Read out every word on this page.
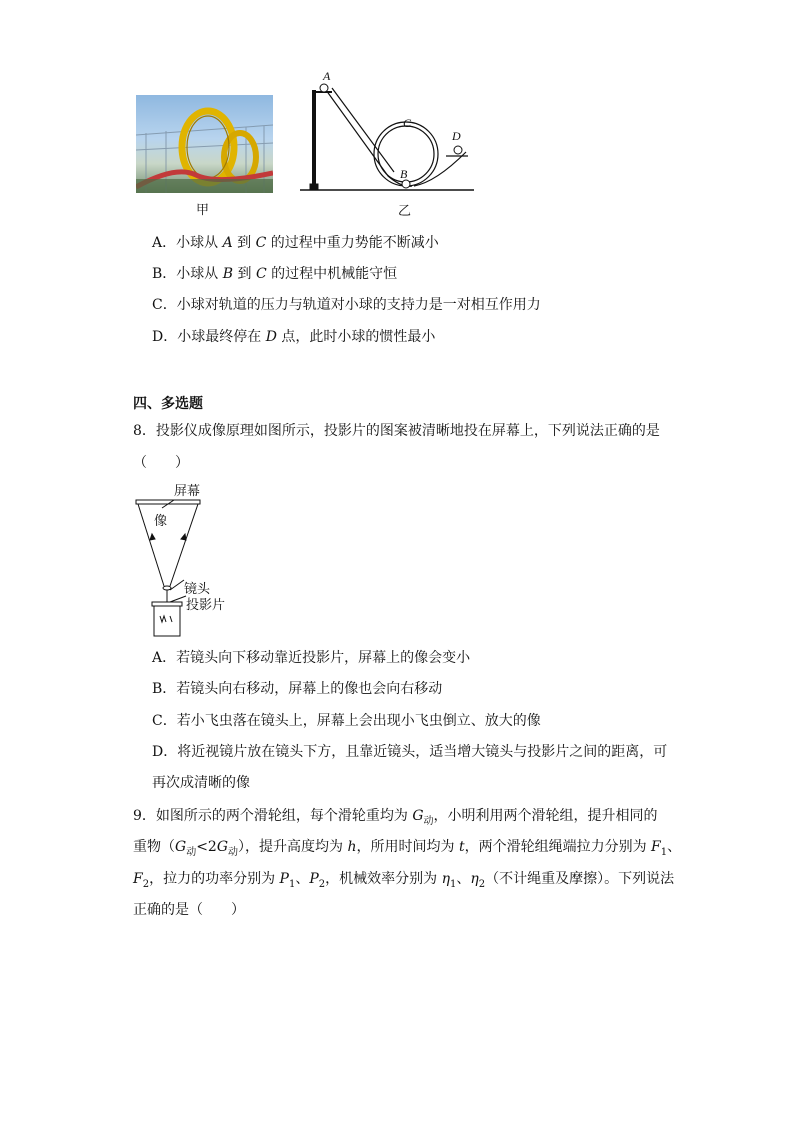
甲
A
B
C
D
乙
A．小球从 A 到 C 的过程中重力势能不断减小
B．小球从 B 到 C 的过程中机械能守恒
C．小球对轨道的压力与轨道对小球的支持力是一对相互作用力
D．小球最终停在 D 点，此时小球的惯性最小
四、多选题
8．投影仪成像原理如图所示，投影片的图案被清晰地投在屏幕上，下列说法正确的是
（　　）
屏幕
像
镜头
投影片
A．若镜头向下移动靠近投影片，屏幕上的像会变小
B．若镜头向右移动，屏幕上的像也会向右移动
C．若小飞虫落在镜头上，屏幕上会出现小飞虫倒立、放大的像
D．将近视镜片放在镜头下方，且靠近镜头，适当增大镜头与投影片之间的距离，可
再次成清晰的像
9．如图所示的两个滑轮组，每个滑轮重均为 $G_动$，小明利用两个滑轮组，提升相同的
重物$(G_动<2G_动)$，提升高度均为 h，所用时间均为 t，两个滑轮组绳端拉力分别为 $F_1$、
$F_2$，拉力的功率分别为 $P_1$、$P_2$，机械效率分别为 $\eta_1$、$\eta_2$（不计绳重及摩擦）。下列说法
正确的是（　　）
